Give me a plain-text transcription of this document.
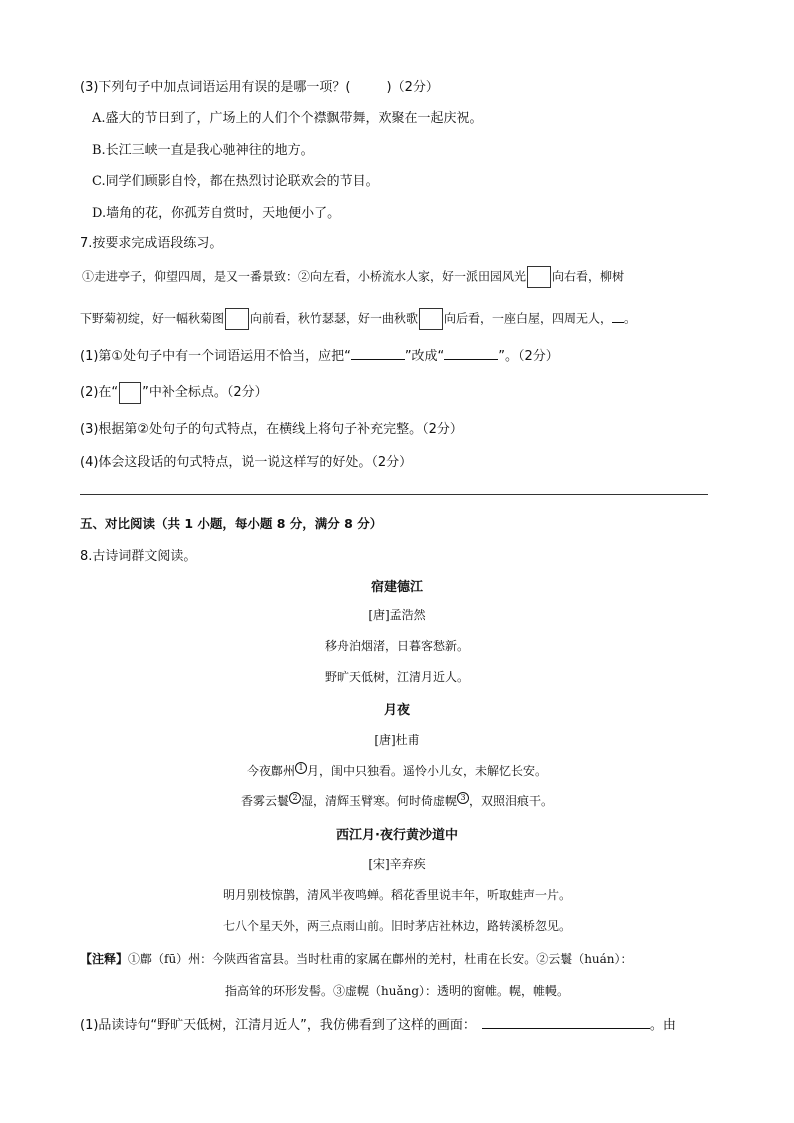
(3)下列句子中加点词语运用有误的是哪一项？(	)（2分）
A.盛大的节日到了，广场上的人们个个襟飘带舞，欢聚在一起庆祝。
B.长江三峡一直是我心驰神往的地方。
C.同学们顾影自怜，都在热烈讨论联欢会的节目。
D.墙角的花，你孤芳自赏时，天地便小了。
7.按要求完成语段练习。
①走进亭子，仰望四周，是又一番景致：②向左看，小桥流水人家，好一派田园风光 向右看，柳树
下野菊初绽，好一幅秋菊图 向前看，秋竹瑟瑟，好一曲秋歌 向后看，一座白屋，四周无人， 。
(1)第①处句子中有一个词语运用不恰当，应把“	”改成“	”。（2分）
(2)在“ ”中补全标点。（2分）
(3)根据第②处句子的句式特点，在横线上将句子补充完整。（2分）
(4)体会这段话的句式特点，说一说这样写的好处。（2分）
五、对比阅读（共 1 小题，每小题 8 分，满分 8 分）
8.古诗词群文阅读。
宿建德江
[唐]孟浩然
移舟泊烟渚，日暮客愁新。
野旷天低树，江清月近人。
月夜
[唐]杜甫
今夜鄜州 1 月，闺中只独看。遥怜小儿女，未解忆长安。
香雾云鬟 2 湿，清辉玉臂寒。何时倚虚幌 3 ，双照泪痕干。
西江月·夜行黄沙道中
[宋]辛弃疾
明月别枝惊鹊，清风半夜鸣蝉。稻花香里说丰年，听取蛙声一片。
七八个星天外，两三点雨山前。旧时茅店社林边，路转溪桥忽见。
【注释】①鄜（fū）州：今陕西省富县。当时杜甫的家属在鄜州的羌村，杜甫在长安。②云鬟（huán）：
指高耸的环形发髻。③虚幌（huǎng）：透明的窗帷。幌，帷幔。
(1)品读诗句“野旷天低树，江清月近人”，我仿佛看到了这样的画面：	。由
